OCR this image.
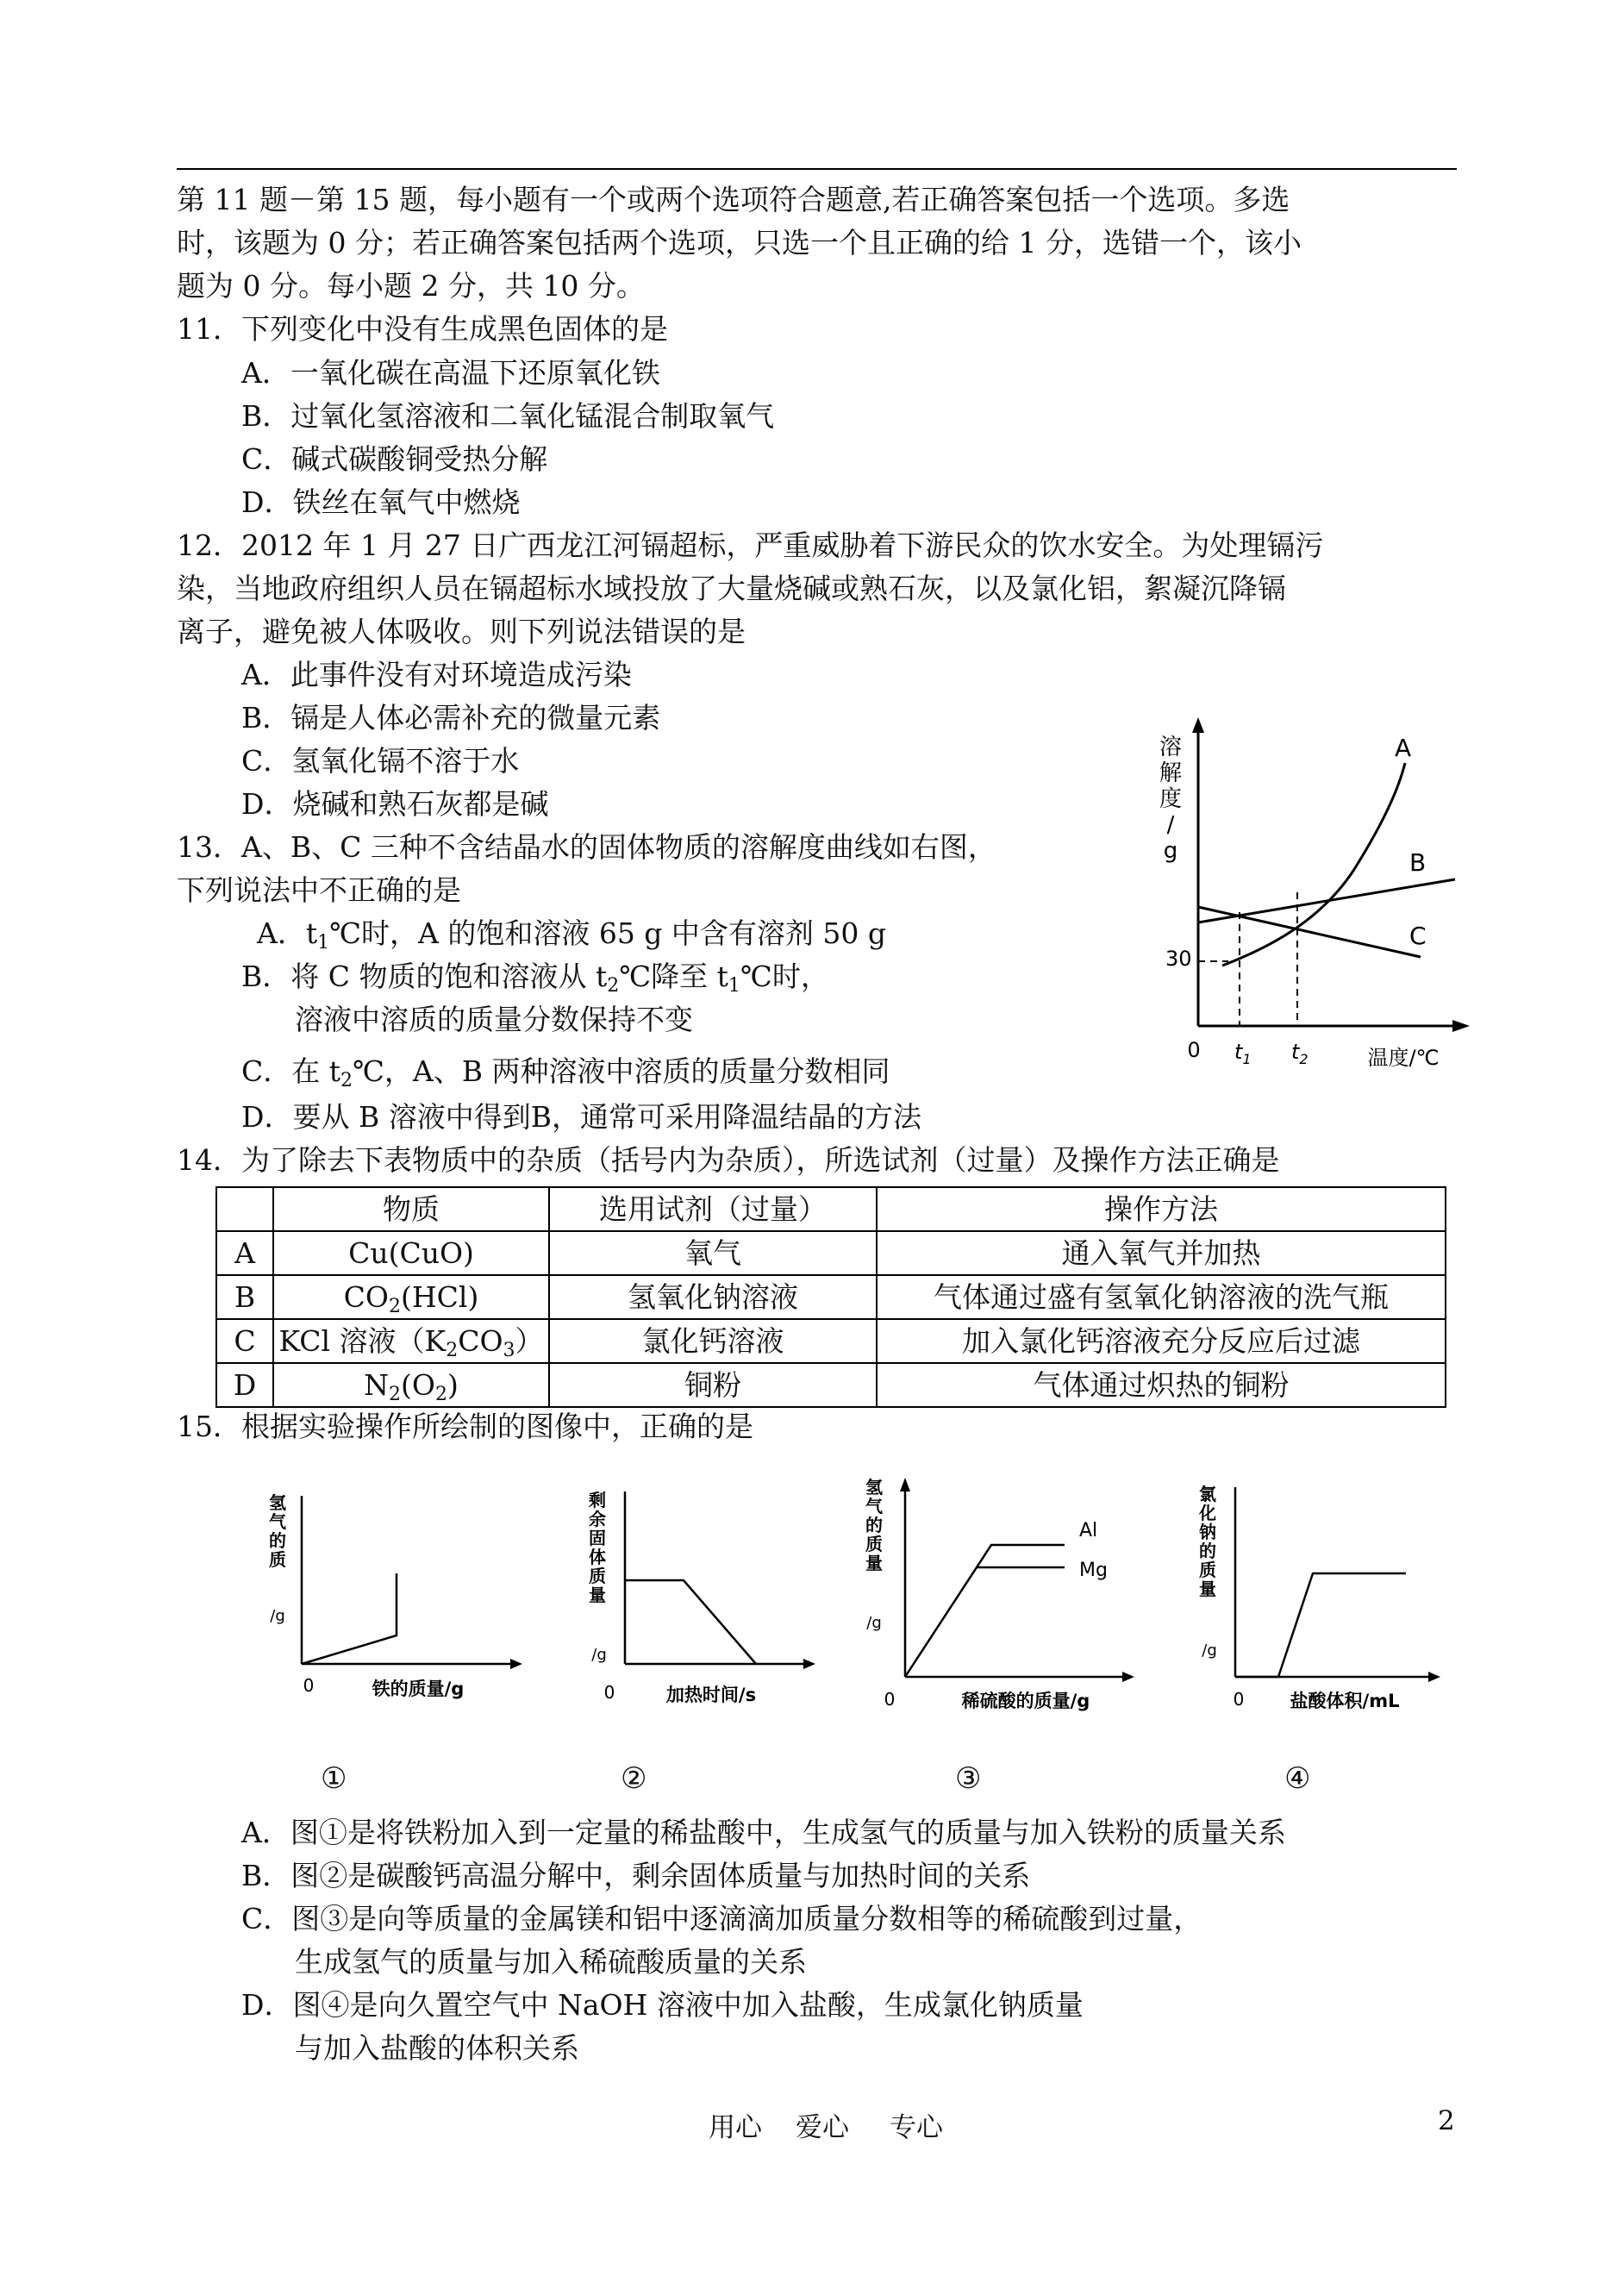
第 11 题－第 15 题，每小题有一个或两个选项符合题意,若正确答案包括一个选项。多选
时，该题为 0 分；若正确答案包括两个选项，只选一个且正确的给 1 分，选错一个，该小
题为 0 分。每小题 2 分，共 10 分。
11．下列变化中没有生成黑色固体的是
A．一氧化碳在高温下还原氧化铁
B．过氧化氢溶液和二氧化锰混合制取氧气
C．碱式碳酸铜受热分解
D．铁丝在氧气中燃烧
12．2012 年 1 月 27 日广西龙江河镉超标，严重威胁着下游民众的饮水安全。为处理镉污
染，当地政府组织人员在镉超标水域投放了大量烧碱或熟石灰，以及氯化铝，絮凝沉降镉
离子，避免被人体吸收。则下列说法错误的是
A．此事件没有对环境造成污染
B．镉是人体必需补充的微量元素
C．氢氧化镉不溶于水
D．烧碱和熟石灰都是碱
13．A、B、C 三种不含结晶水的固体物质的溶解度曲线如右图，
下列说法中不正确的是
A．$t_1℃$时，A 的饱和溶液 65 g 中含有溶剂 50 g
B．将 C 物质的饱和溶液从 $t_2℃$降至 $t_1℃$时，
溶液中溶质的质量分数保持不变
C．在 $t_2℃$，A、B 两种溶液中溶质的质量分数相同
D．要从 B 溶液中得到B，通常可采用降温结晶的方法
溶
解
度
/
g
30
0 $t_1$ $t_2$	温度/℃
A
B
C
14．为了除去下表物质中的杂质（括号内为杂质），所选试剂（过量）及操作方法正确是
	物质	选用试剂（过量）	操作方法
A	Cu(CuO)	氧气	通入氧气并加热
B	$CO_2(HCl)$	氢氧化钠溶液	气体通过盛有氢氧化钠溶液的洗气瓶
C	KCl 溶液$(K_2CO_3)$	氯化钙溶液	加入氯化钙溶液充分反应后过滤
D	$N_2(O_2)$	铜粉	气体通过炽热的铜粉
15．根据实验操作所绘制的图像中，正确的是
氢
气
的
质
/g
0	铁的质量/g
①
剩
余
固
体
质
量
/g
0	加热时间/s
②
氢
气
的
质
量
/g
0	稀硫酸的质量/g
Al
Mg
③
氯
化
钠
的
质
量
/g
0	盐酸体积/mL
④
A．图①是将铁粉加入到一定量的稀盐酸中，生成氢气的质量与加入铁粉的质量关系
B．图②是碳酸钙高温分解中，剩余固体质量与加热时间的关系
C．图③是向等质量的金属镁和铝中逐滴滴加质量分数相等的稀硫酸到过量，
生成氢气的质量与加入稀硫酸质量的关系
D．图④是向久置空气中 NaOH 溶液中加入盐酸，生成氯化钠质量
与加入盐酸的体积关系
用心 爱心 专心	2
